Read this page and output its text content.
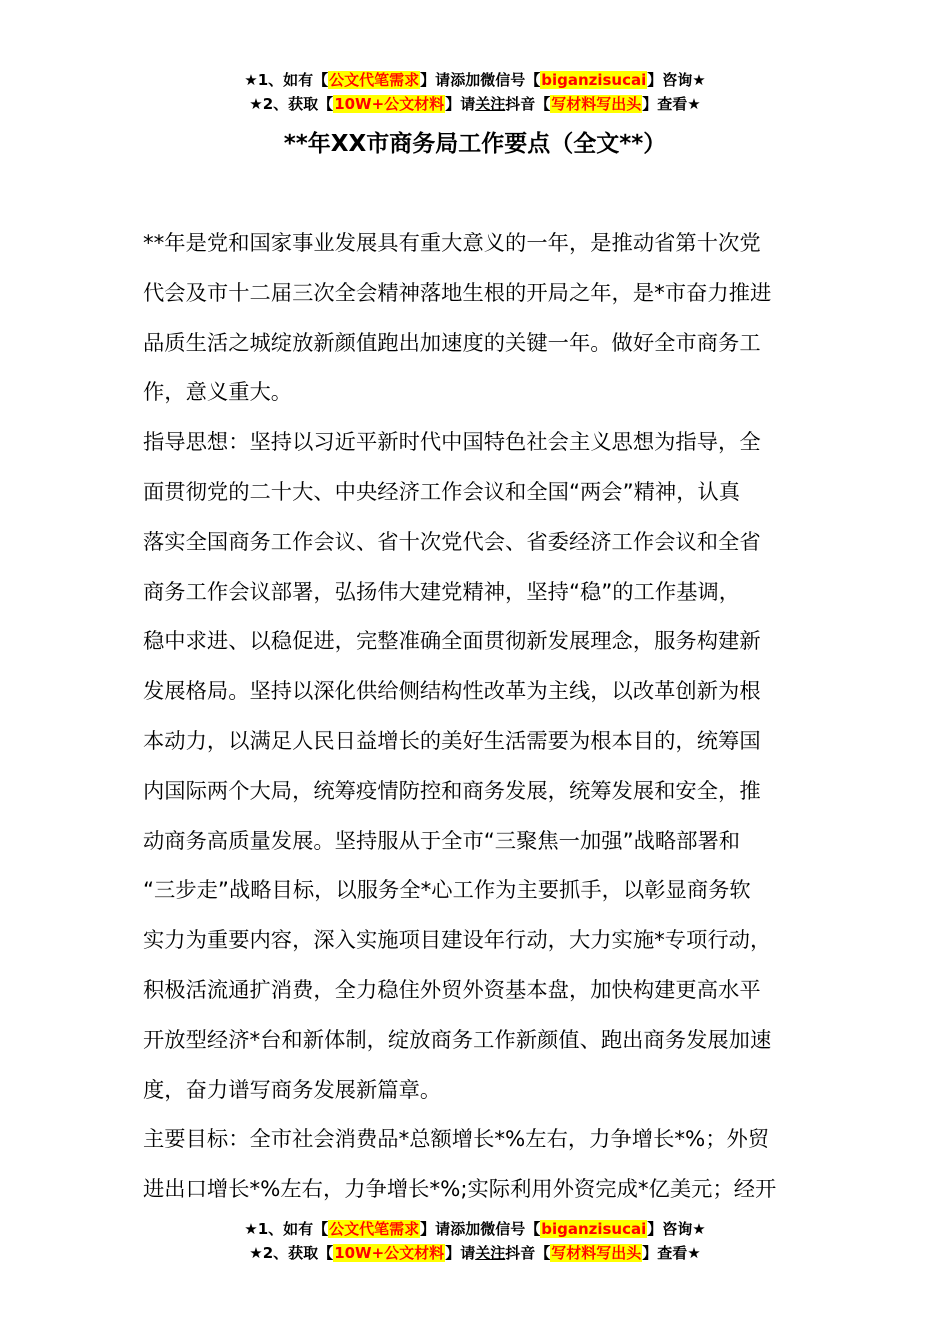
★1、如有【公文代笔需求】请添加微信号【biganzisucai】咨询★
★2、获取【10W+公文材料】请关注抖音【写材料写出头】查看★
**年XX市商务局工作要点（全文**）
**年是党和国家事业发展具有重大意义的一年，是推动省第十次党
代会及市十二届三次全会精神落地生根的开局之年，是*市奋力推进
品质生活之城绽放新颜值跑出加速度的关键一年。做好全市商务工
作，意义重大。
指导思想：坚持以习近平新时代中国特色社会主义思想为指导，全
面贯彻党的二十大、中央经济工作会议和全国“两会”精神，认真
落实全国商务工作会议、省十次党代会、省委经济工作会议和全省
商务工作会议部署，弘扬伟大建党精神，坚持“稳”的工作基调，
稳中求进、以稳促进，完整准确全面贯彻新发展理念，服务构建新
发展格局。坚持以深化供给侧结构性改革为主线，以改革创新为根
本动力，以满足人民日益增长的美好生活需要为根本目的，统筹国
内国际两个大局，统筹疫情防控和商务发展，统筹发展和安全，推
动商务高质量发展。坚持服从于全市“三聚焦一加强”战略部署和
“三步走”战略目标，以服务全*心工作为主要抓手，以彰显商务软
实力为重要内容，深入实施项目建设年行动，大力实施*专项行动，
积极活流通扩消费，全力稳住外贸外资基本盘，加快构建更高水平
开放型经济*台和新体制，绽放商务工作新颜值、跑出商务发展加速
度，奋力谱写商务发展新篇章。
主要目标：全市社会消费品*总额增长*%左右，力争增长*%；外贸
进出口增长*%左右，力争增长*%;实际利用外资完成*亿美元；经开
★1、如有【公文代笔需求】请添加微信号【biganzisucai】咨询★
★2、获取【10W+公文材料】请关注抖音【写材料写出头】查看★
